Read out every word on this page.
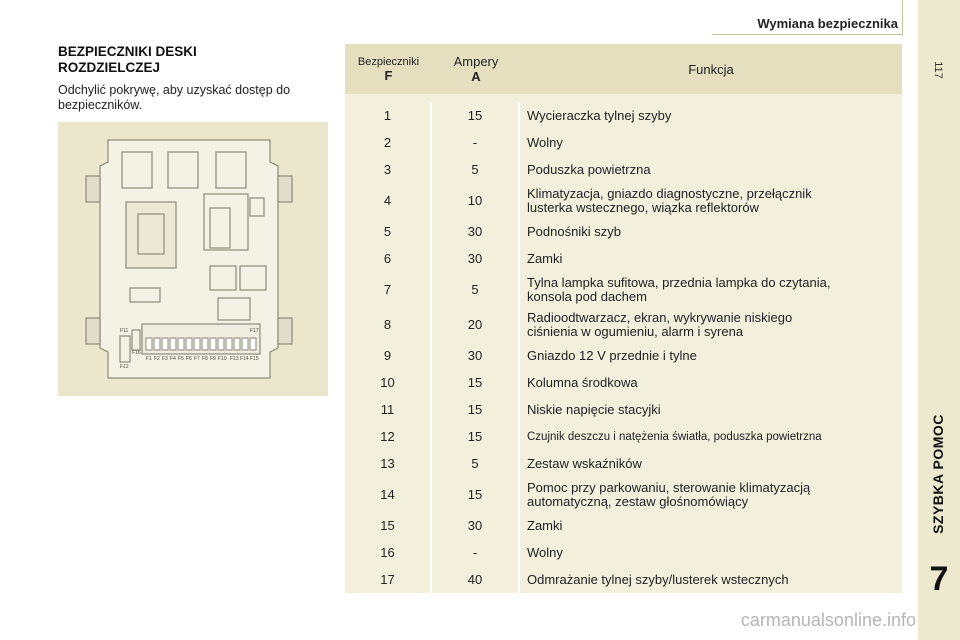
Wymiana bezpiecznika
117
SZYBKA POMOC
7
BEZPIECZNIKI DESKI
ROZDZIELCZEJ
Odchylić pokrywę, aby uzyskać dostęp do bezpieczników.
F11	F17
F12
F16
F1 F2 F3 F4 F5 F6 F7 F8 F9 F10 F13 F14 F15
Bezpieczniki
F
Ampery
A	Funkcja
1
2
3
4
5
6
7
8
9
10
11
12
13
14
15
16
17
15
-
5
10
30
30
5
20
30
15
15
15
5
15
30
-
40
Wycieraczka tylnej szyby
Wolny
Poduszka powietrzna
Klimatyzacja, gniazdo diagnostyczne, przełącznik
lusterka wstecznego, wiązka reflektorów
Podnośniki szyb
Zamki
Tylna lampka sufitowa, przednia lampka do czytania,
konsola pod dachem
Radioodtwarzacz, ekran, wykrywanie niskiego
ciśnienia w ogumieniu, alarm i syrena
Gniazdo 12 V przednie i tylne
Kolumna środkowa
Niskie napięcie stacyjki
Czujnik deszczu i natężenia światła, poduszka powietrzna
Zestaw wskaźników
Pomoc przy parkowaniu, sterowanie klimatyzacją
automatyczną, zestaw głośnomówiący
Zamki
Wolny
Odmrażanie tylnej szyby/lusterek wstecznych
carmanualsonline.info
